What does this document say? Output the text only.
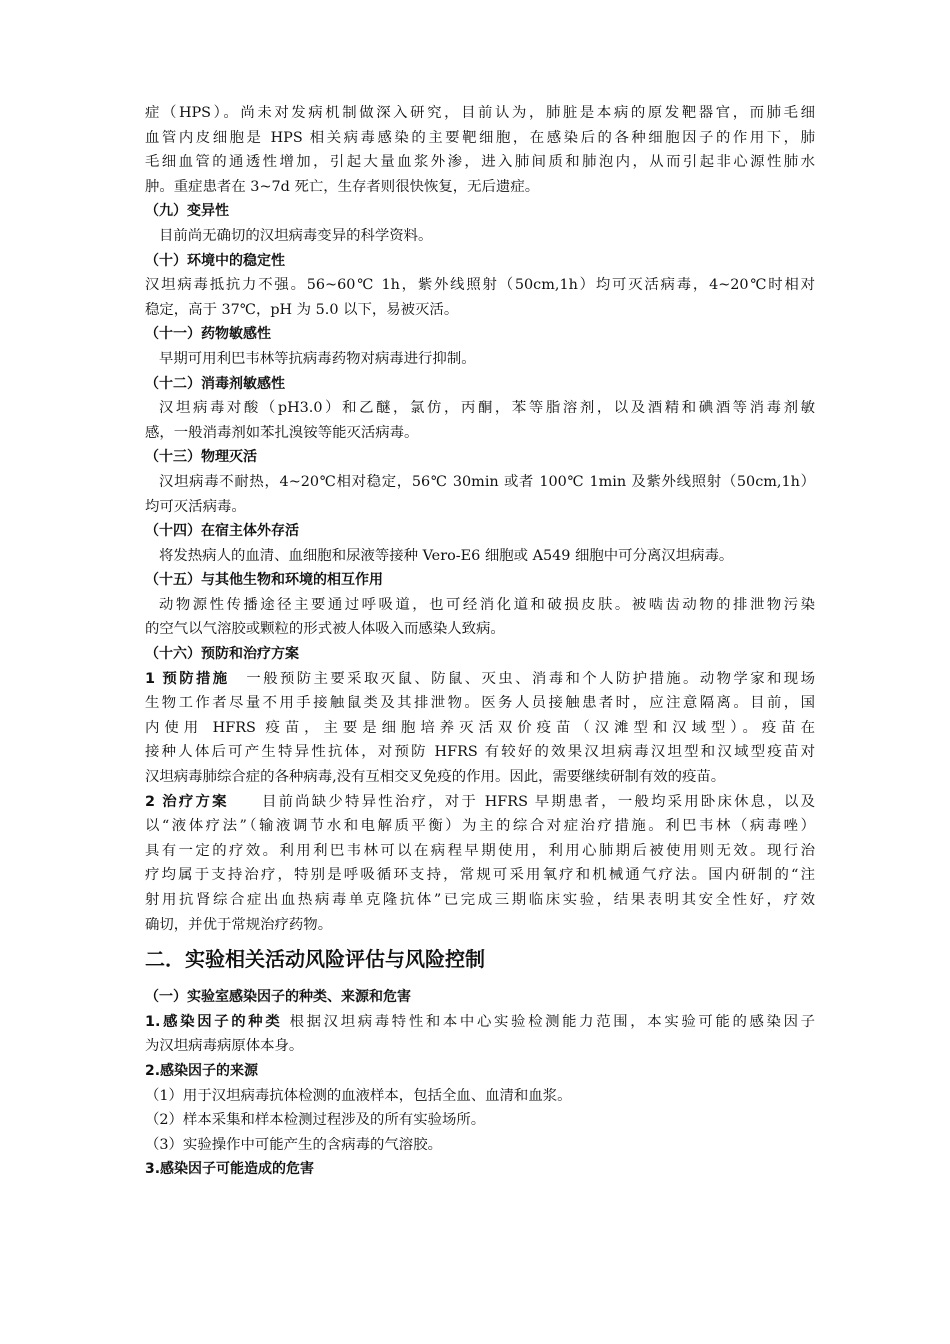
症（HPS）。尚未对发病机制做深入研究，目前认为，肺脏是本病的原发靶器官，而肺毛细
血管内皮细胞是 HPS 相关病毒感染的主要靶细胞，在感染后的各种细胞因子的作用下，肺
毛细血管的通透性增加，引起大量血浆外渗，进入肺间质和肺泡内，从而引起非心源性肺水
肿。重症患者在 3~7d 死亡，生存者则很快恢复，无后遗症。
（九）变异性
目前尚无确切的汉坦病毒变异的科学资料。
（十）环境中的稳定性
汉坦病毒抵抗力不强。56~60℃ 1h，紫外线照射（50cm,1h）均可灭活病毒，4~20℃时相对
稳定，高于 37℃，pH 为 5.0 以下，易被灭活。
（十一）药物敏感性
早期可用利巴韦林等抗病毒药物对病毒进行抑制。
（十二）消毒剂敏感性
汉坦病毒对酸（pH3.0）和乙醚，氯仿，丙酮，苯等脂溶剂，以及酒精和碘酒等消毒剂敏
感，一般消毒剂如苯扎溴铵等能灭活病毒。
（十三）物理灭活
汉坦病毒不耐热，4~20℃相对稳定，56℃ 30min 或者 100℃ 1min 及紫外线照射（50cm,1h）
均可灭活病毒。
（十四）在宿主体外存活
将发热病人的血清、血细胞和尿液等接种 Vero-E6 细胞或 A549 细胞中可分离汉坦病毒。
（十五）与其他生物和环境的相互作用
动物源性传播途径主要通过呼吸道，也可经消化道和破损皮肤。被啮齿动物的排泄物污染
的空气以气溶胶或颗粒的形式被人体吸入而感染人致病。
（十六）预防和治疗方案
1 预防措施　一般预防主要采取灭鼠、防鼠、灭虫、消毒和个人防护措施。动物学家和现场
生物工作者尽量不用手接触鼠类及其排泄物。医务人员接触患者时，应注意隔离。目前，国
内使用 HFRS 疫苗，主要是细胞培养灭活双价疫苗（汉滩型和汉域型）。疫苗在
接种人体后可产生特异性抗体，对预防 HFRS 有较好的效果汉坦病毒汉坦型和汉域型疫苗对
汉坦病毒肺综合症的各种病毒,没有互相交叉免疫的作用。因此，需要继续研制有效的疫苗。
2 治疗方案　　目前尚缺少特异性治疗，对于 HFRS 早期患者，一般均采用卧床休息，以及
以“液体疗法”（输液调节水和电解质平衡）为主的综合对症治疗措施。利巴韦林（病毒唑）
具有一定的疗效。利用利巴韦林可以在病程早期使用，利用心肺期后被使用则无效。现行治
疗均属于支持治疗，特别是呼吸循环支持，常规可采用氧疗和机械通气疗法。国内研制的“注
射用抗肾综合症出血热病毒单克隆抗体”已完成三期临床实验，结果表明其安全性好，疗效
确切，并优于常规治疗药物。
二．实验相关活动风险评估与风险控制
（一）实验室感染因子的种类、来源和危害
1.感染因子的种类 根据汉坦病毒特性和本中心实验检测能力范围，本实验可能的感染因子
为汉坦病毒病原体本身。
2.感染因子的来源
（1）用于汉坦病毒抗体检测的血液样本，包括全血、血清和血浆。
（2）样本采集和样本检测过程涉及的所有实验场所。
（3）实验操作中可能产生的含病毒的气溶胶。
3.感染因子可能造成的危害
